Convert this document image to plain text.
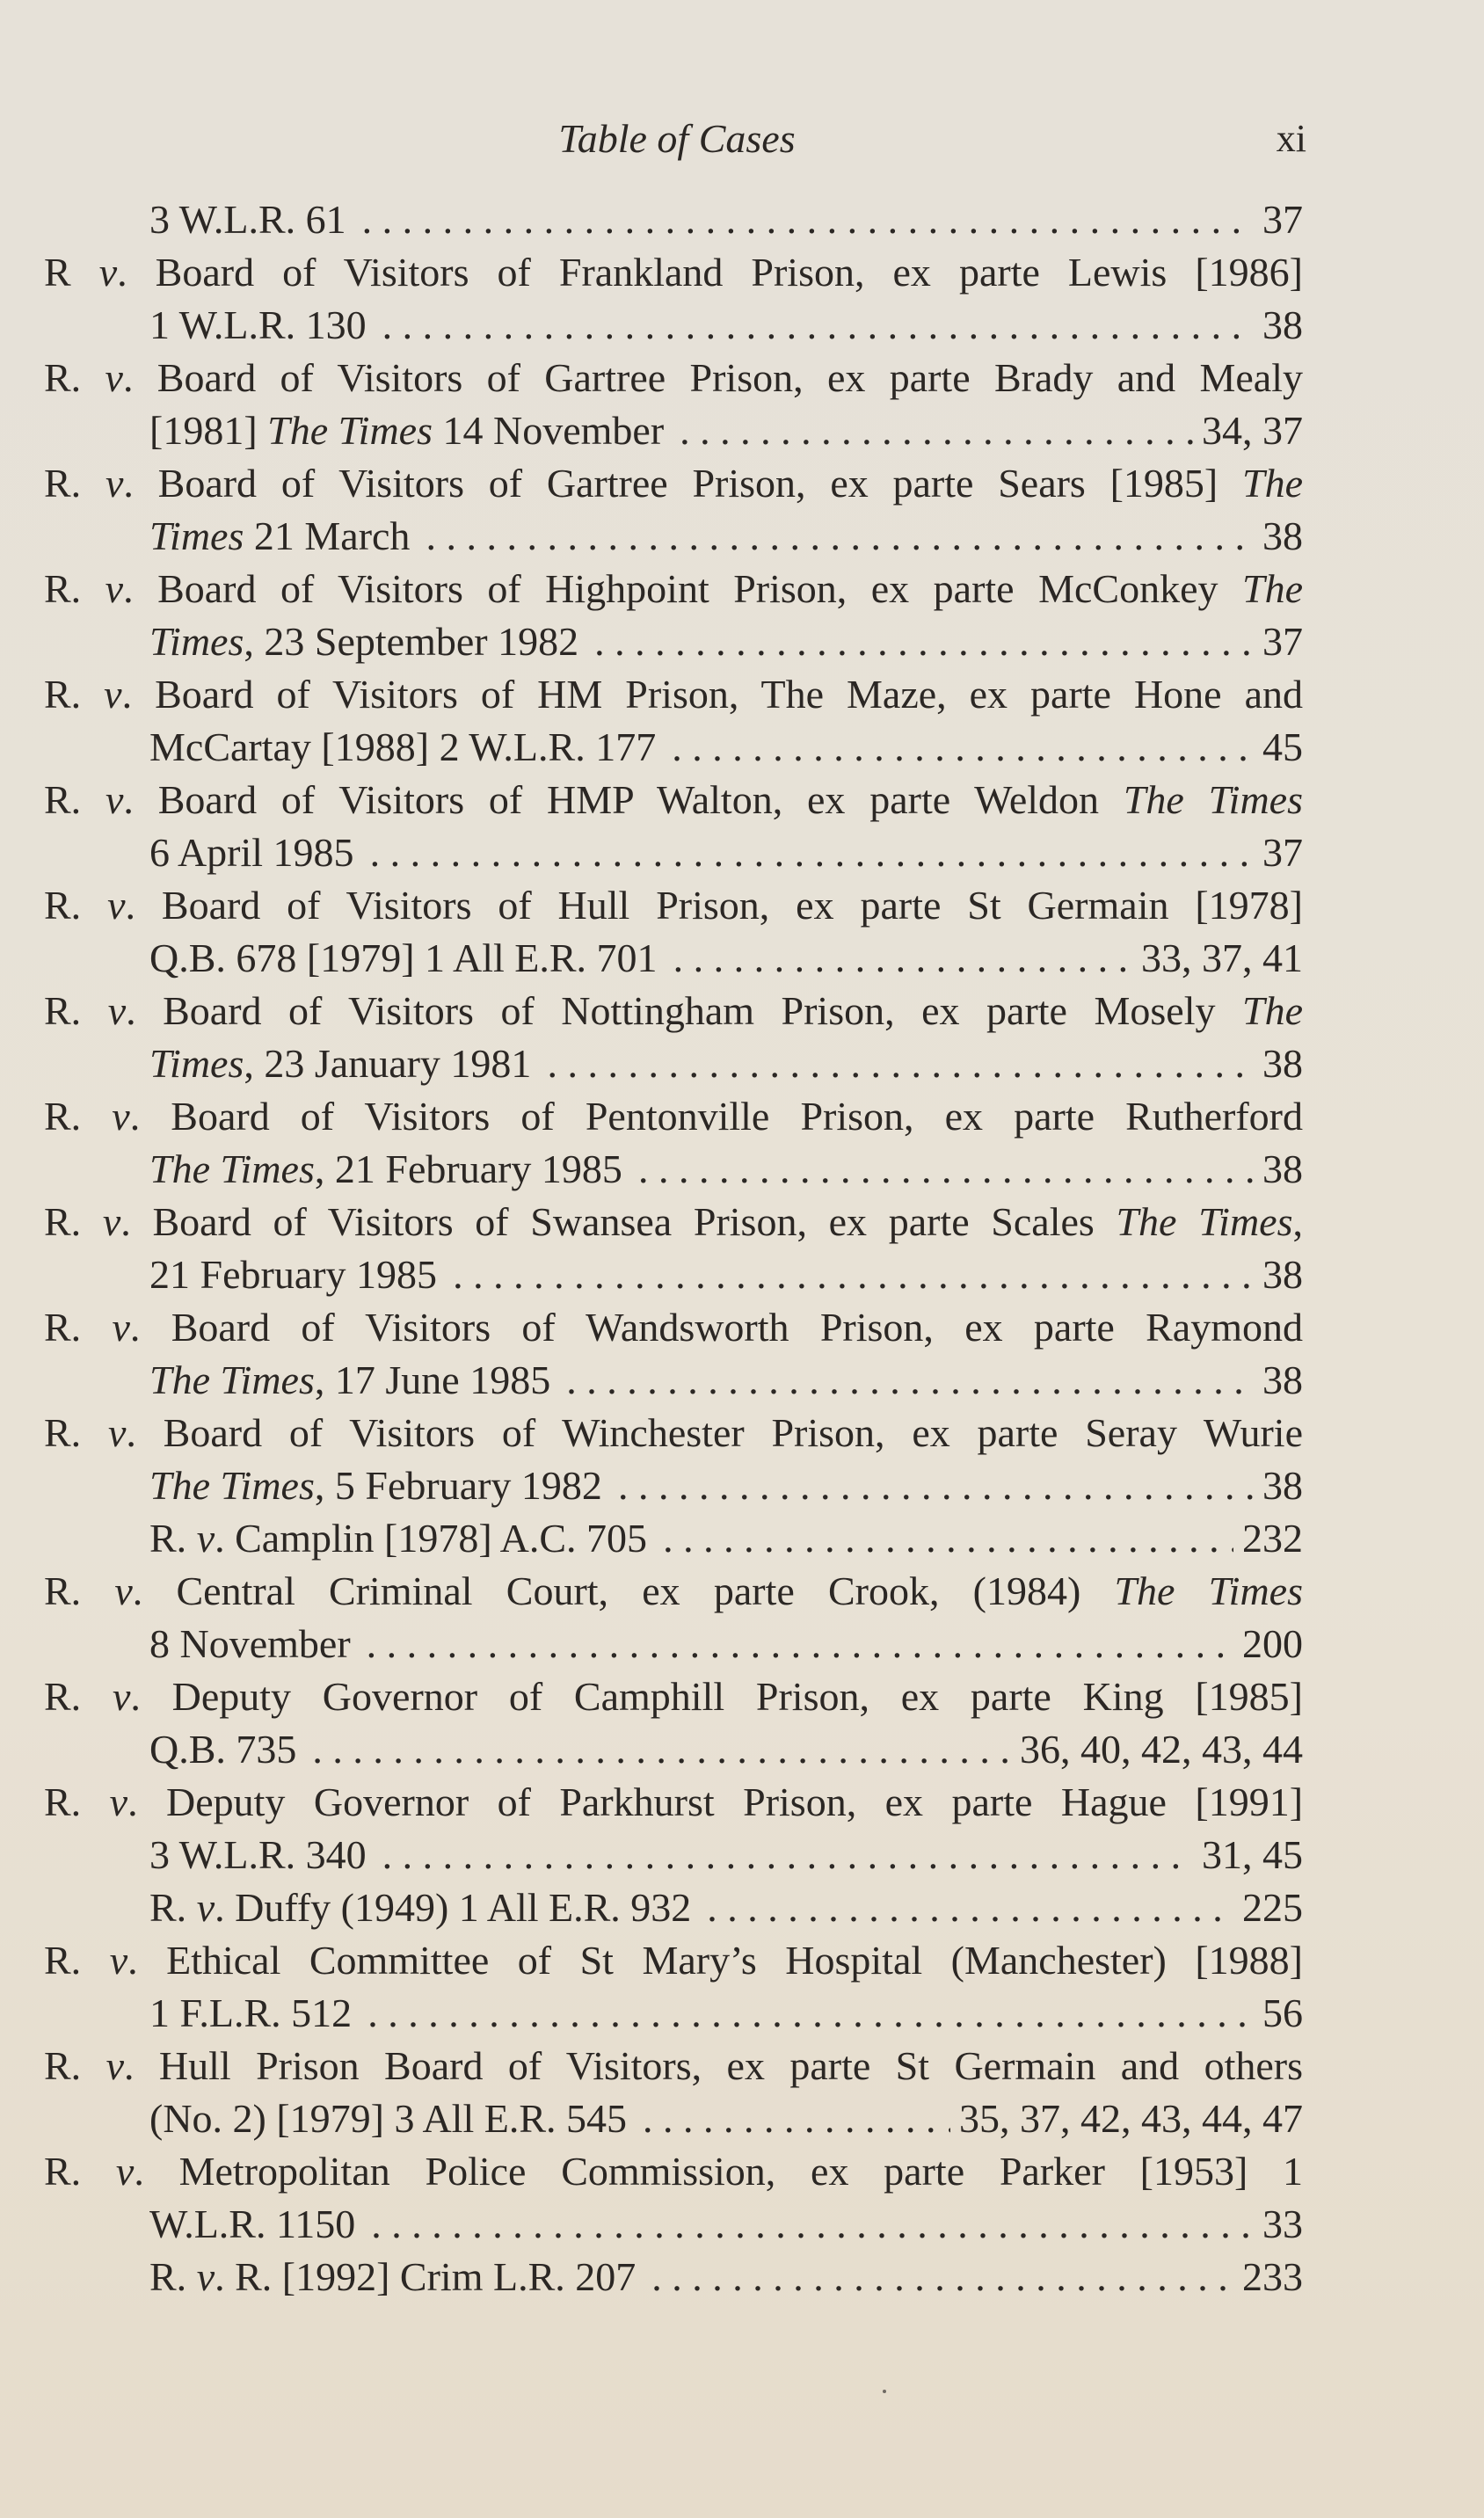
Table of Cases	xi
3 W.L.R. 61 . . .	37
R v. Board of Visitors of Frankland Prison, ex parte Lewis [1986]
1 W.L.R. 130 . . .	38
R. v. Board of Visitors of Gartree Prison, ex parte Brady and Mealy
[1981] The Times 14 November . . .	34, 37
R. v. Board of Visitors of Gartree Prison, ex parte Sears [1985] The
Times 21 March . . .	38
R. v. Board of Visitors of Highpoint Prison, ex parte McConkey The
Times, 23 September 1982 . . .	37
R. v. Board of Visitors of HM Prison, The Maze, ex parte Hone and
McCartay [1988] 2 W.L.R. 177 . . .	45
R. v. Board of Visitors of HMP Walton, ex parte Weldon The Times
6 April 1985 . . .	37
R. v. Board of Visitors of Hull Prison, ex parte St Germain [1978]
Q.B. 678 [1979] 1 All E.R. 701 . . .	33, 37, 41
R. v. Board of Visitors of Nottingham Prison, ex parte Mosely The
Times, 23 January 1981 . . .	38
R. v. Board of Visitors of Pentonville Prison, ex parte Rutherford
The Times, 21 February 1985 . . .	38
R. v. Board of Visitors of Swansea Prison, ex parte Scales The Times,
21 February 1985 . . .	38
R. v. Board of Visitors of Wandsworth Prison, ex parte Raymond
The Times, 17 June 1985 . . .	38
R. v. Board of Visitors of Winchester Prison, ex parte Seray Wurie
The Times, 5 February 1982 . . .	38
R. v. Camplin [1978] A.C. 705 . . .	232
R. v. Central Criminal Court, ex parte Crook, (1984) The Times
8 November . . .	200
R. v. Deputy Governor of Camphill Prison, ex parte King [1985]
Q.B. 735 . . .	36, 40, 42, 43, 44
R. v. Deputy Governor of Parkhurst Prison, ex parte Hague [1991]
3 W.L.R. 340 . . .	31, 45
R. v. Duffy (1949) 1 All E.R. 932 . . .	225
R. v. Ethical Committee of St Mary’s Hospital (Manchester) [1988]
1 F.L.R. 512 . . .	56
R. v. Hull Prison Board of Visitors, ex parte St Germain and others
(No. 2) [1979] 3 All E.R. 545 . . .	35, 37, 42, 43, 44, 47
R. v. Metropolitan Police Commission, ex parte Parker [1953] 1
W.L.R. 1150 . . .	33
R. v. R. [1992] Crim L.R. 207 . . .	233
